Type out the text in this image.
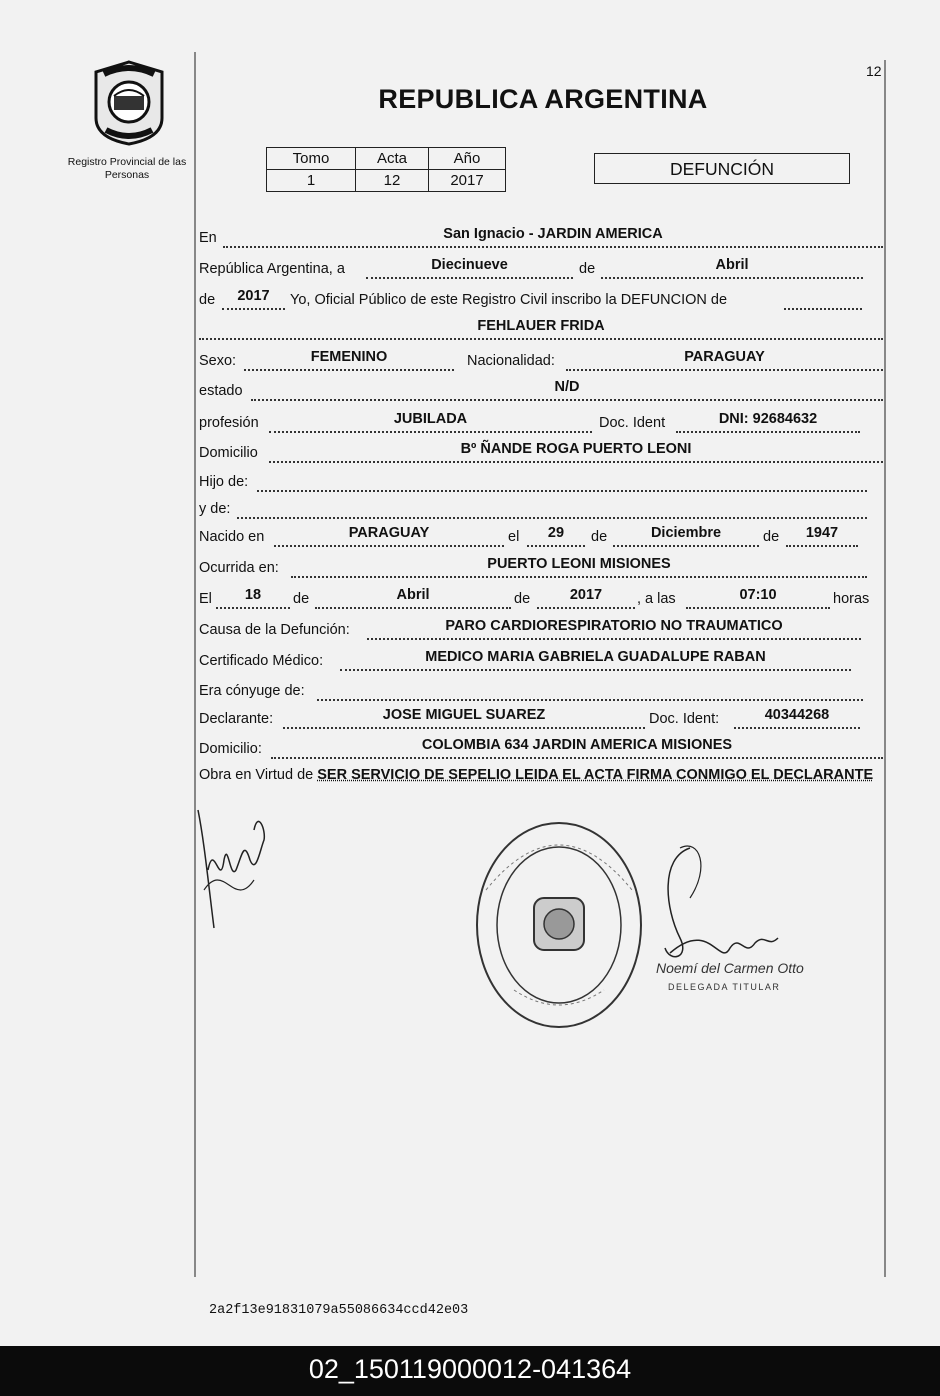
Registro Provincial de las Personas
12
REPUBLICA ARGENTINA
Tomo	Acta	Año
1	12	2017
DEFUNCIÓN
En	San Ignacio - JARDIN AMERICA
República Argentina, a	Diecinueve	de	Abril
de	2017	Yo, Oficial Público de este Registro Civil inscribo la DEFUNCION de
FEHLAUER FRIDA
Sexo:	FEMENINO	Nacionalidad:	PARAGUAY
estado	N/D
profesión	JUBILADA	Doc. Ident	DNI: 92684632
Domicilio	Bº ÑANDE ROGA PUERTO LEONI
Hijo de:
y de:
Nacido en	PARAGUAY	el	29	de	Diciembre	de	1947
Ocurrida en:	PUERTO LEONI MISIONES
El	18	de	Abril	de	2017	, a las	07:10	horas
Causa de la Defunción:	PARO CARDIORESPIRATORIO NO TRAUMATICO
Certificado Médico:	MEDICO MARIA GABRIELA GUADALUPE RABAN
Era cónyuge de:
Declarante:	JOSE MIGUEL SUAREZ	Doc. Ident:	40344268
Domicilio:	COLOMBIA 634 JARDIN AMERICA MISIONES
Obra en Virtud de SER SERVICIO DE SEPELIO LEIDA EL ACTA FIRMA CONMIGO EL DECLARANTE
Noemí del Carmen Otto
DELEGADA TITULAR
2a2f13e91831079a55086634ccd42e03
02_150119000012-041364
